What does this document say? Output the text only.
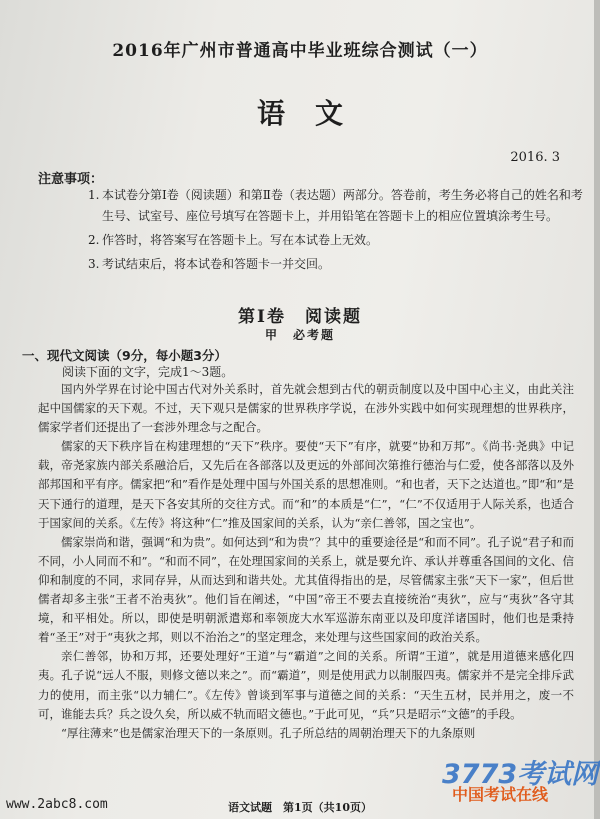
2016年广州市普通高中毕业班综合测试（一）
语文
2016. 3
注意事项：
1. 本试卷分第Ⅰ卷（阅读题）和第Ⅱ卷（表达题）两部分。答卷前，考生务必将自己的姓名和考生号、试室号、座位号填写在答题卡上，并用铅笔在答题卡上的相应位置填涂考生号。
2. 作答时，将答案写在答题卡上。写在本试卷上无效。
3. 考试结束后，将本试卷和答题卡一并交回。
第Ⅰ卷　阅读题
甲　必考题
一、现代文阅读（9分，每小题3分）
阅读下面的文字，完成1～3题。

国内外学界在讨论中国古代对外关系时，首先就会想到古代的朝贡制度以及中国中心主义，由此关注起中国儒家的天下观。不过，天下观只是儒家的世界秩序学说，在涉外实践中如何实现理想的世界秩序，儒家学者们还提出了一套涉外理念与之配合。

儒家的天下秩序旨在构建理想的“天下”秩序。要使“天下”有序，就要“协和万邦”。《尚书·尧典》中记载，帝尧家族内部关系融洽后，又先后在各部落以及更远的外部间次第推行德治与仁爱，使各部落以及外部邦国和平有序。儒家把“和”看作是处理中国与外国关系的思想准则。“和也者，天下之达道也。”即“和”是天下通行的道理，是天下各安其所的交往方式。而“和”的本质是“仁”，“仁”不仅适用于人际关系，也适合于国家间的关系。《左传》将这种“仁”推及国家间的关系，认为“亲仁善邻，国之宝也”。

儒家崇尚和谐，强调“和为贵”。如何达到“和为贵”？其中的重要途径是“和而不同”。孔子说“君子和而不同，小人同而不和”。“和而不同”，在处理国家间的关系上，就是要允许、承认并尊重各国间的文化、信仰和制度的不同，求同存异，从而达到和谐共处。尤其值得指出的是，尽管儒家主张“天下一家”，但后世儒者却多主张“王者不治夷狄”。他们旨在阐述，“中国”帝王不要去直接统治“夷狄”，应与“夷狄”各守其境，和平相处。所以，即使是明朝派遣郑和率领庞大水军巡游东南亚以及印度洋诸国时，他们也是秉持着“圣王”对于“夷狄之邦，则以不治治之”的坚定理念，来处理与这些国家间的政治关系。

亲仁善邻，协和万邦，还要处理好“王道”与“霸道”之间的关系。所谓“王道”，就是用道德来感化四夷。孔子说“远人不服，则修文德以来之”。而“霸道”，则是使用武力以制服四夷。儒家并不是完全排斥武力的使用，而主张“以力辅仁”。《左传》曾谈到军事与道德之间的关系：“天生五材，民并用之，废一不可，谁能去兵？兵之设久矣，所以威不轨而昭文德也。”于此可见，“兵”只是昭示“文德”的手段。

“厚往薄来”也是儒家治理天下的一条原则。孔子所总结的周朝治理天下的九条原则

3773考试网
中国考试在线
www.2abc8.com	语文试题　第1页（共10页）
